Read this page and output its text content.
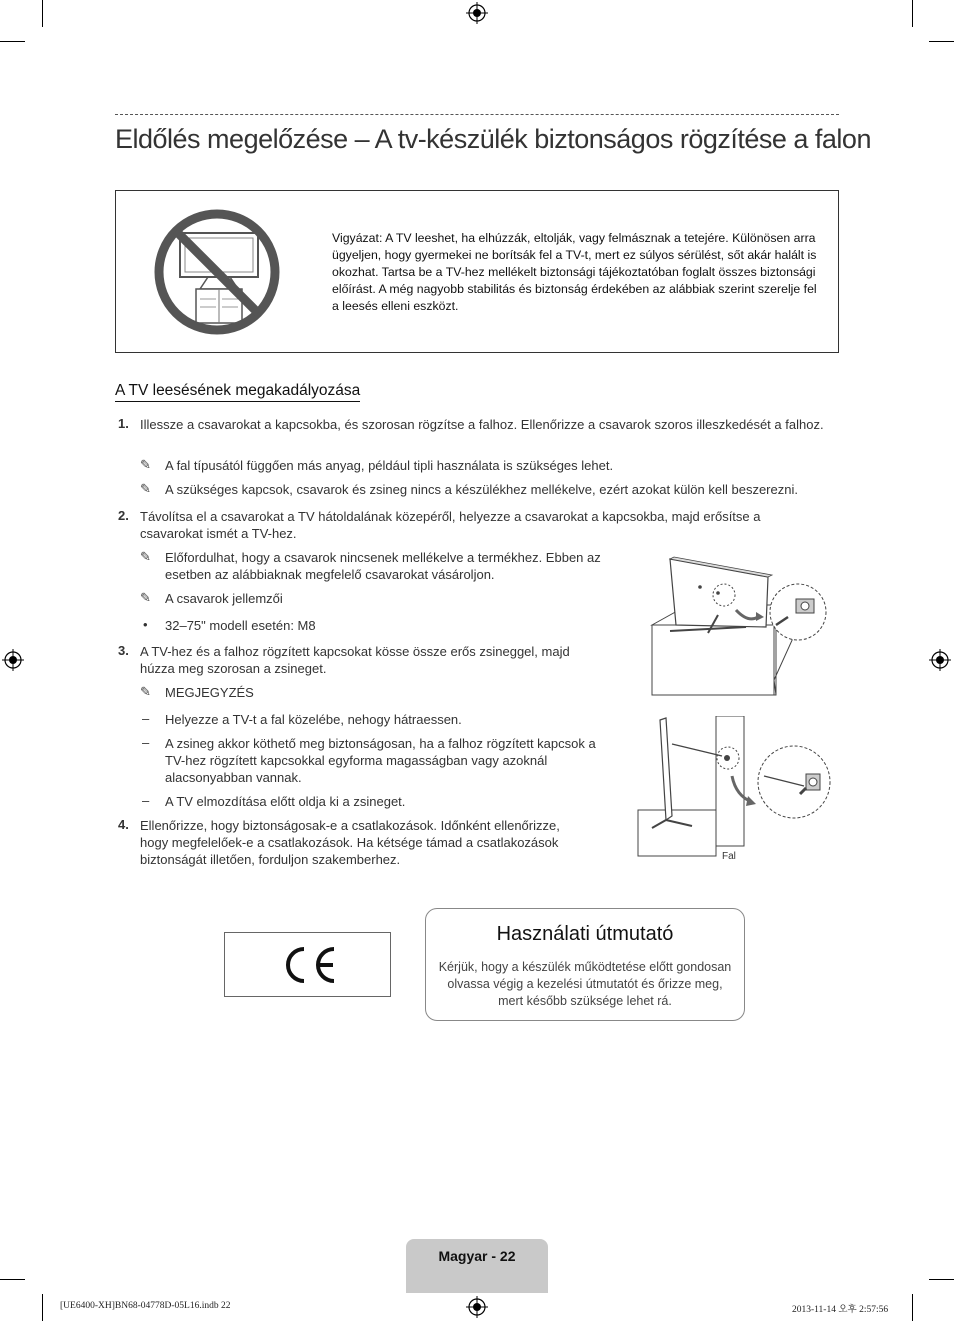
Eldőlés megelőzése – A tv-készülék biztonságos rögzítése a falon
Vigyázat: A TV leeshet, ha elhúzzák, eltolják, vagy felmásznak a tetejére. Különösen arra ügyeljen, hogy gyermekei ne borítsák fel a TV-t, mert ez súlyos sérülést, sőt akár halált is okozhat. Tartsa be a TV-hez mellékelt biztonsági tájékoztatóban foglalt összes biztonsági előírást. A még nagyobb stabilitás és biztonság érdekében az alábbiak szerint szerelje fel a leesés elleni eszközt.
A TV leesésének megakadályozása
1. Illessze a csavarokat a kapcsokba, és szorosan rögzítse a falhoz. Ellenőrizze a csavarok szoros illeszkedését a falhoz.
✎ A fal típusától függően más anyag, például tipli használata is szükséges lehet.
✎ A szükséges kapcsok, csavarok és zsineg nincs a készülékhez mellékelve, ezért azokat külön kell beszerezni.
2. Távolítsa el a csavarokat a TV hátoldalának közepéről, helyezze a csavarokat a kapcsokba, majd erősítse a csavarokat ismét a TV-hez.
✎ Előfordulhat, hogy a csavarok nincsenek mellékelve a termékhez. Ebben az esetben az alábbiaknak megfelelő csavarokat vásároljon.
✎ A csavarok jellemzői
• 32–75" modell esetén: M8
3. A TV-hez és a falhoz rögzített kapcsokat kösse össze erős zsineggel, majd húzza meg szorosan a zsineget.
✎ MEGJEGYZÉS
– Helyezze a TV-t a fal közelébe, nehogy hátraessen.
– A zsineg akkor köthető meg biztonságosan, ha a falhoz rögzített kapcsok a TV-hez rögzített kapcsokkal egyforma magasságban vagy azoknál alacsonyabban vannak.
– A TV elmozdítása előtt oldja ki a zsineget.
4. Ellenőrizze, hogy biztonságosak-e a csatlakozások. Időnként ellenőrizze, hogy megfelelőek-e a csatlakozások. Ha kétsége támad a csatlakozások biztonságát illetően, forduljon szakemberhez.	Fal
Használati útmutató
Kérjük, hogy a készülék működtetése előtt gondosan olvassa végig a kezelési útmutatót és őrizze meg, mert később szüksége lehet rá.
Magyar - 22
[UE6400-XH]BN68-04778D-05L16.indb 22	2013-11-14 오후 2:57:56
